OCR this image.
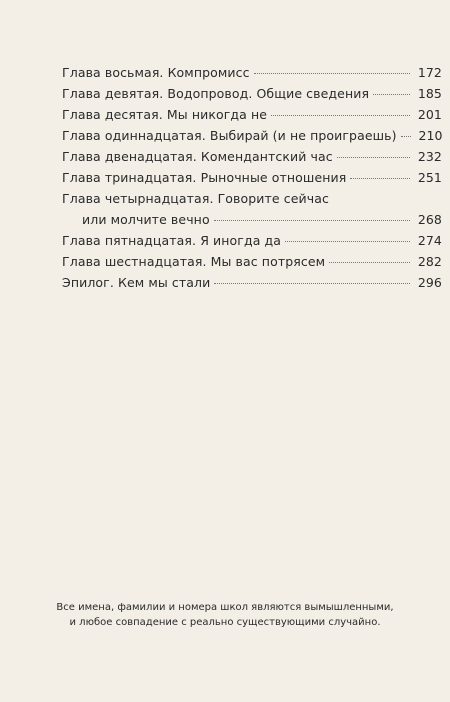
Глава восьмая. Компромисс	172
Глава девятая. Водопровод. Общие сведения	185
Глава десятая. Мы никогда не	201
Глава одиннадцатая. Выбирай (и не проиграешь)	210
Глава двенадцатая. Комендантский час	232
Глава тринадцатая. Рыночные отношения	251
Глава четырнадцатая. Говорите сейчас
или молчите вечно	268
Глава пятнадцатая. Я иногда да	274
Глава шестнадцатая. Мы вас потрясем	282
Эпилог. Кем мы стали	296
Все имена, фамилии и номера школ являются вымышленными,
и любое совпадение с реально существующими случайно.
